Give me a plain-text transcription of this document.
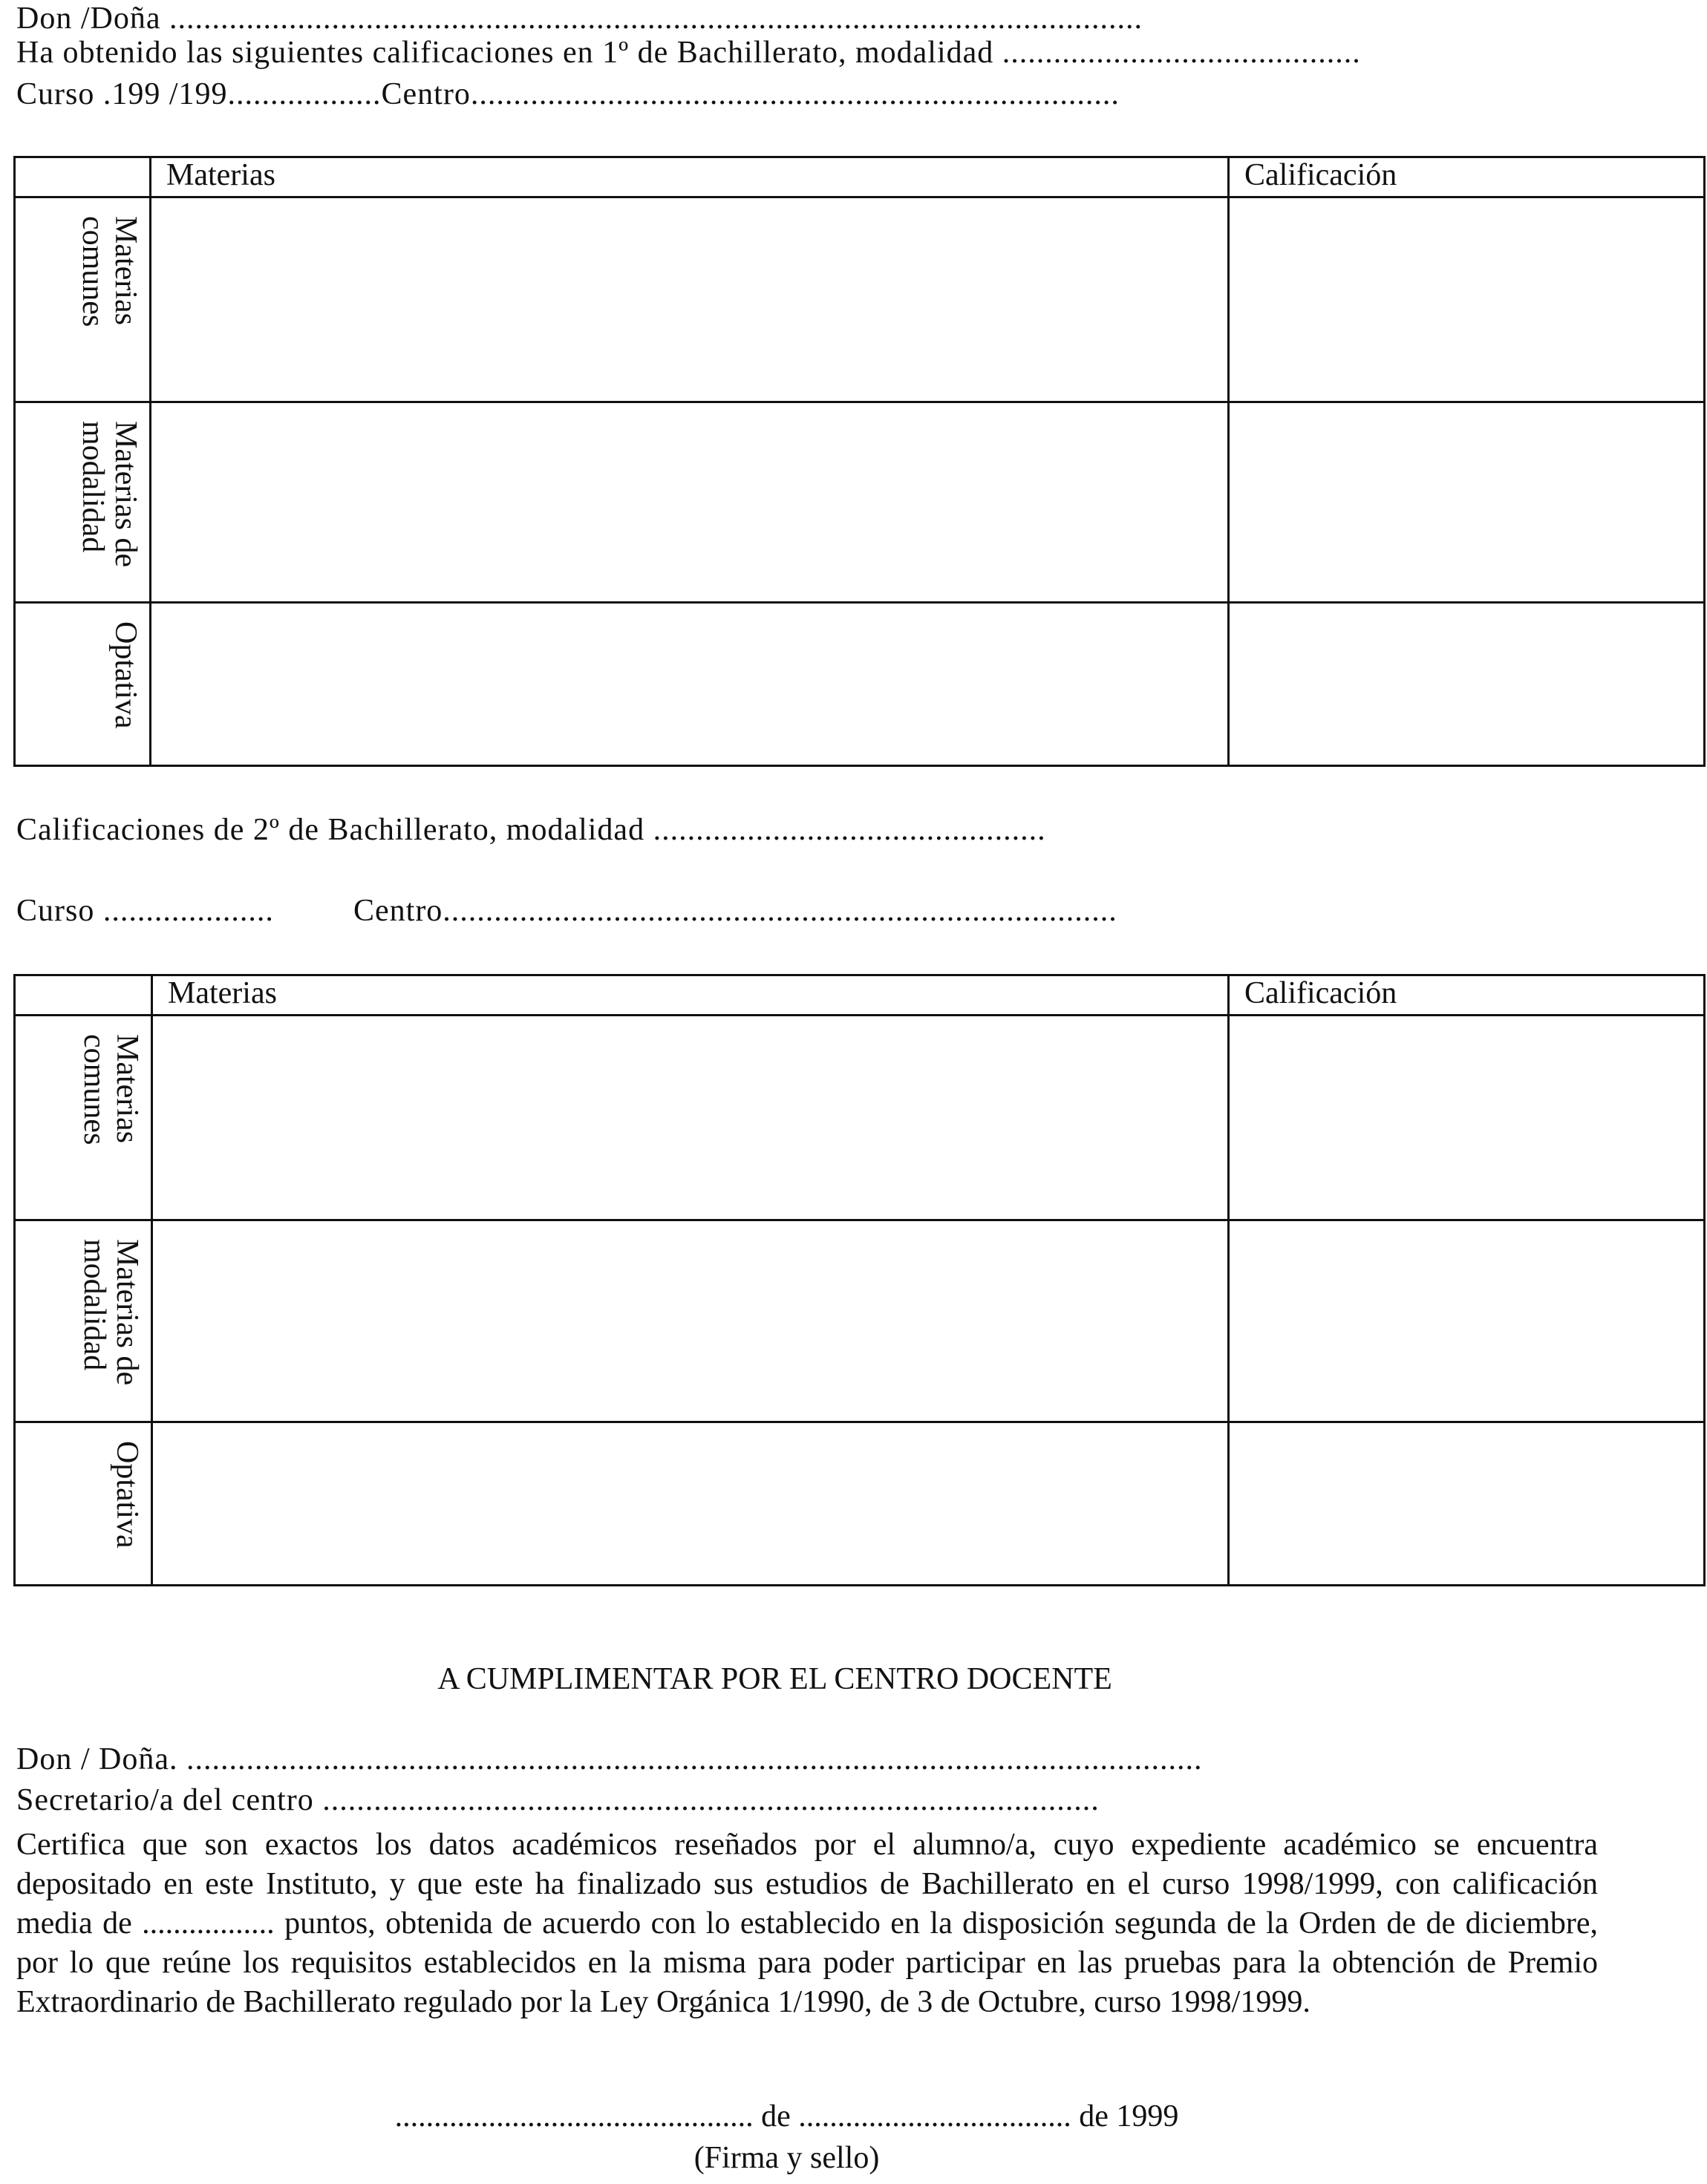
Don /Doña ..................................................................................................................
Ha obtenido las siguientes calificaciones en 1º de Bachillerato, modalidad ..........................................
Curso .199 /199..................Centro............................................................................
	Materias	Calificación

Materias comunes		

Materias de modalidad		

Optativa		

Calificaciones de 2º de Bachillerato, modalidad ..............................................
Curso ....................	Centro...............................................................................
	Materias	Calificación

Materias comunes		

Materias de modalidad		

Optativa		

A CUMPLIMENTAR POR EL CENTRO DOCENTE
Don / Doña. .......................................................................................................................
Secretario/a del centro ...........................................................................................
Certifica que son exactos los datos académicos reseñados por el alumno/a, cuyo expediente académico se encuentra depositado en este Instituto, y que este ha finalizado sus estudios de Bachillerato en el curso 1998/1999, con calificación media de ................. puntos, obtenida de acuerdo con lo establecido en la disposición segunda de la Orden de de diciembre, por lo que reúne los requisitos establecidos en la misma para poder participar en las pruebas para la obtención de Premio Extraordinario de Bachillerato regulado por la Ley Orgánica 1/1990, de 3 de Octubre, curso 1998/1999.
.............................................. de ................................... de 1999
(Firma y sello)
